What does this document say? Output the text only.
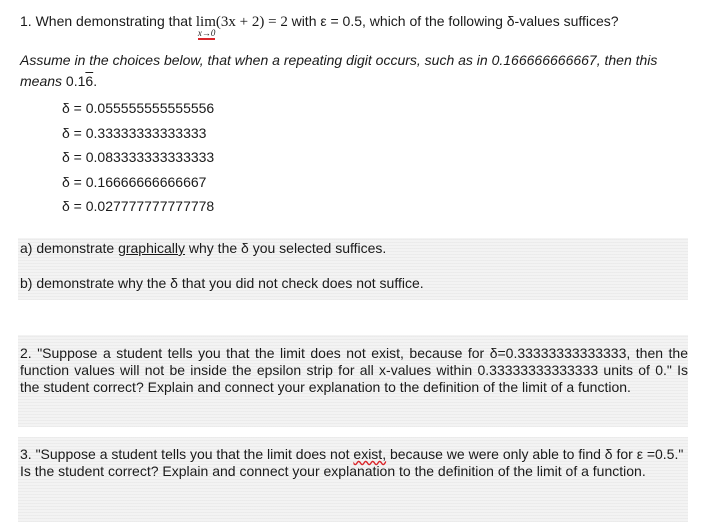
1. When demonstrating that lim
x→0
(3x + 2) = 2 with ε = 0.5, which of the following δ-values suffices?
Assume in the choices below, that when a repeating digit occurs, such as in 0.166666666667, then this means 0.16.
δ = 0.055555555555556
δ = 0.33333333333333
δ = 0.083333333333333
δ = 0.16666666666667
δ = 0.027777777777778
a) demonstrate graphically why the δ you selected suffices.
b) demonstrate why the δ that you did not check does not suffice.
2. "Suppose a student tells you that the limit does not exist, because for δ=0.33333333333333, then the function values will not be inside the epsilon strip for all x-values within 0.33333333333333 units of 0." Is the student correct? Explain and connect your explanation to the definition of the limit of a function.
3. "Suppose a student tells you that the limit does not exist, because we were only able to find δ for ε =0.5." Is the student correct? Explain and connect your explanation to the definition of the limit of a function.
